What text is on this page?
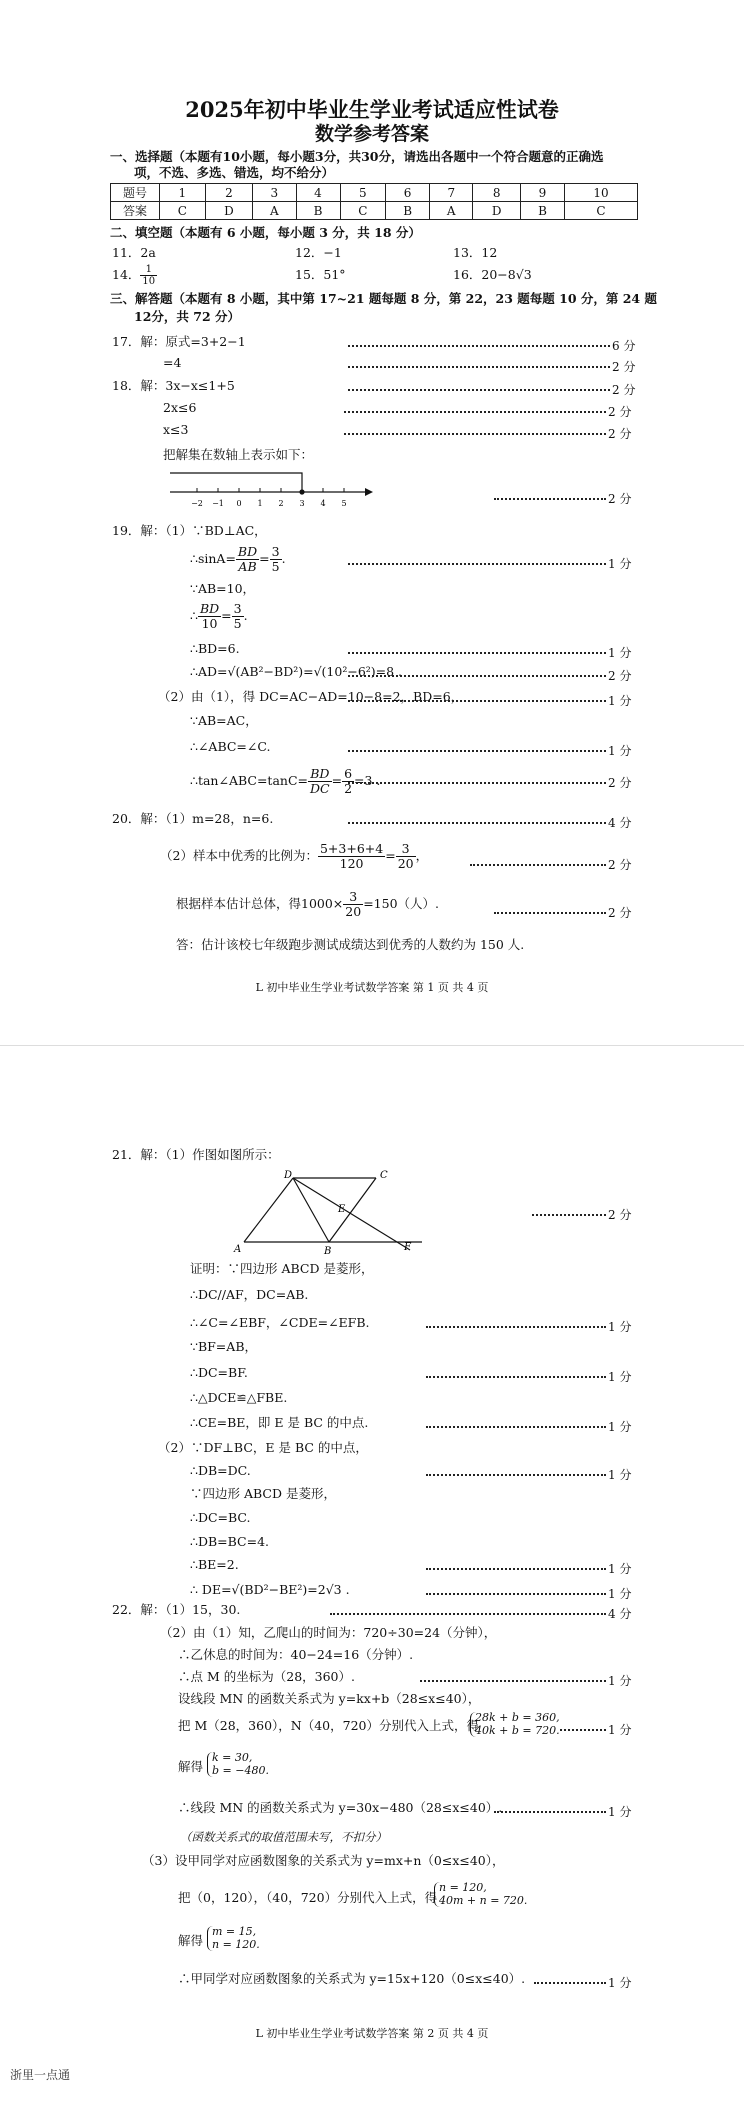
2025年初中毕业生学业考试适应性试卷
数学参考答案
一、选择题（本题有10小题，每小题3分，共30分，请选出各题中一个符合题意的正确选
项，不选、多选、错选，均不给分）
题号	1	2	3	4	5	6	7	8	9	10
答案	C	D	A	B	C	B	A	D	B	C
二、填空题（本题有 6 小题，每小题 3 分，共 18 分）
11．2a	12．−1	13．12
14． $\frac{1}{10}$	15．51°	16．20−8√3
三、解答题（本题有 8 小题，其中第 17~21 题每题 8 分，第 22，23 题每题 10 分，第 24 题
12分，共 72 分）
17．解：原式=3+2−1
=4
18．解：3x−x≤1+5
2x≤6
x≤3
把解集在数轴上表示如下：
−2 −1 0 1 2 3 4 5
19．解：（1）∵BD⊥AC，
∴sinA= $\frac{BD}{AB} = \frac{3}{5}$ .
∵AB=10，
∴ $\frac{BD}{10} = \frac{3}{5}$ .
∴BD=6.
∴AD=√(AB²−BD²)=√(10²−6²)=8 .
（2）由（1），得 DC=AC−AD=10−8=2，BD=6，
∵AB=AC，
∴∠ABC=∠C.
∴tan∠ABC=tanC= $\frac{BD}{DC} = \frac{6}{2} =3$ .
20．解：（1）m=28，n=6.
（2）样本中优秀的比例为： $\frac{5+3+6+4}{120} = \frac{3}{20}$ ，
根据样本估计总体，得$1000\times \frac{3}{20} =150$（人）.
答：估计该校七年级跑步测试成绩达到优秀的人数约为 150 人.
L 初中毕业生学业考试数学答案 第 1 页 共 4 页
6 分
2 分
2 分
2 分
2 分
2 分
1 分
1 分
2 分
1 分
1 分
2 分
4 分
2 分
2 分
21．解：（1）作图如图所示：
D	C
E
A	B	F
证明：∵四边形 ABCD 是菱形，
∴DC//AF，DC=AB.
∴∠C=∠EBF，∠CDE=∠EFB.
∵BF=AB，
∴DC=BF.
∴△DCE≌△FBE.
∴CE=BE，即 E 是 BC 的中点.
（2）∵DF⊥BC，E 是 BC 的中点，
∴DB=DC.
∵四边形 ABCD 是菱形，
∴DC=BC.
∴DB=BC=4.
∴BE=2.
∴ DE=√(BD²−BE²)=2√3 .
22．解：（1）15，30.
（2）由（1）知，乙爬山的时间为：720÷30=24（分钟），
∴乙休息的时间为：40−24=16（分钟）.
∴点 M 的坐标为（28，360）.
设线段 MN 的函数关系式为 y=kx+b（28≤x≤40），
把 M（28，360），N（40，720）分别代入上式，得
28k + b = 360,
40k + b = 720.
解得
k = 30,
b = −480.
∴线段 MN 的函数关系式为 y=30x−480（28≤x≤40）.
（函数关系式的取值范围未写，不扣分）
（3）设甲同学对应函数图象的关系式为 y=mx+n（0≤x≤40），
把（0，120），（40，720）分别代入上式，得
n = 120,
40m + n = 720.
解得
m = 15,
n = 120.
∴甲同学对应函数图象的关系式为 y=15x+120（0≤x≤40）.
L 初中毕业生学业考试数学答案 第 2 页 共 4 页
浙里一点通
2 分
1 分
1 分
1 分
1 分
1 分
1 分
4 分
1 分
1 分
1 分
1 分
